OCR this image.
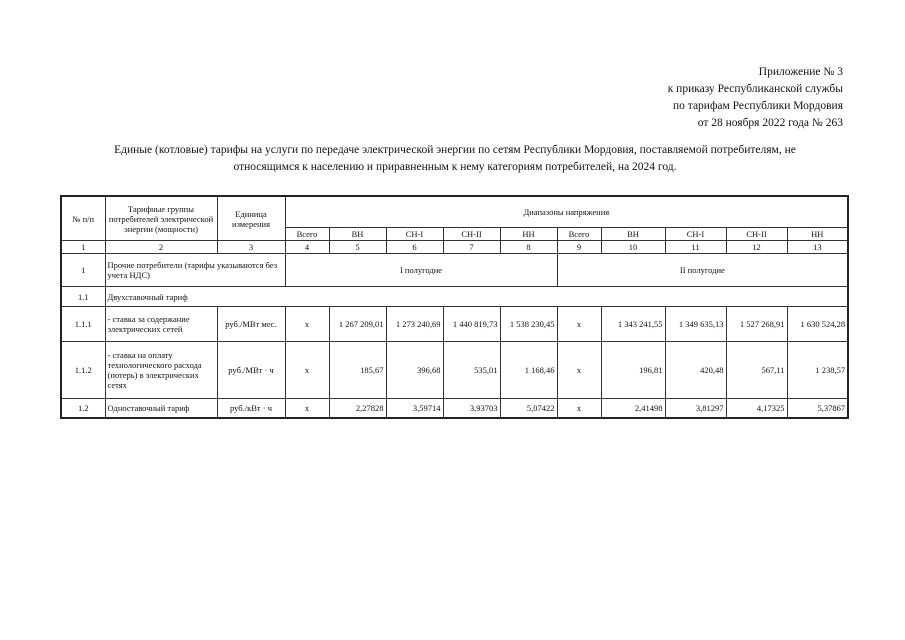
Приложение № 3
к приказу Республиканской службы
по тарифам Республики Мордовия
от 28 ноября 2022 года № 263
Единые (котловые) тарифы на услуги по передаче электрической энергии по сетям Республики Мордовия, поставляемой потребителям, не
относящимся к населению и приравненным к нему категориям потребителей, на 2024 год.
№ п/п	Тарифные группы потребителей электрической энергии (мощности)	Единица измерения	Диапазоны напряжения									

			Всего	ВН	СН-I	СН-II	НН	Всего	ВН	СН-I	СН-II	НН
1	2	3	4	5	6	7	8	9	10	11	12	13
1	Прочие потребители (тарифы указываются без учета НДС)		I полугодие					II полугодие				
1.1	Двухставочный тариф											
1.1.1	- ставка за содержание электрических сетей	руб./МВт мес.	х	1 267 209,01	1 273 240,69	1 440 819,73	1 538 230,45	х	1 343 241,55	1 349 635,13	1 527 268,91	1 630 524,28
1.1.2	- ставка на оплату технологического расхода (потерь) в электрических сетях	руб./МВт · ч	х	185,67	396,68	535,01	1 168,46	х	196,81	420,48	567,11	1 238,57
1.2	Одноставочный тариф	руб./кВт · ч	х	2,27828	3,59714	3,93703	5,07422	х	2,41498	3,81297	4,17325	5,37867
